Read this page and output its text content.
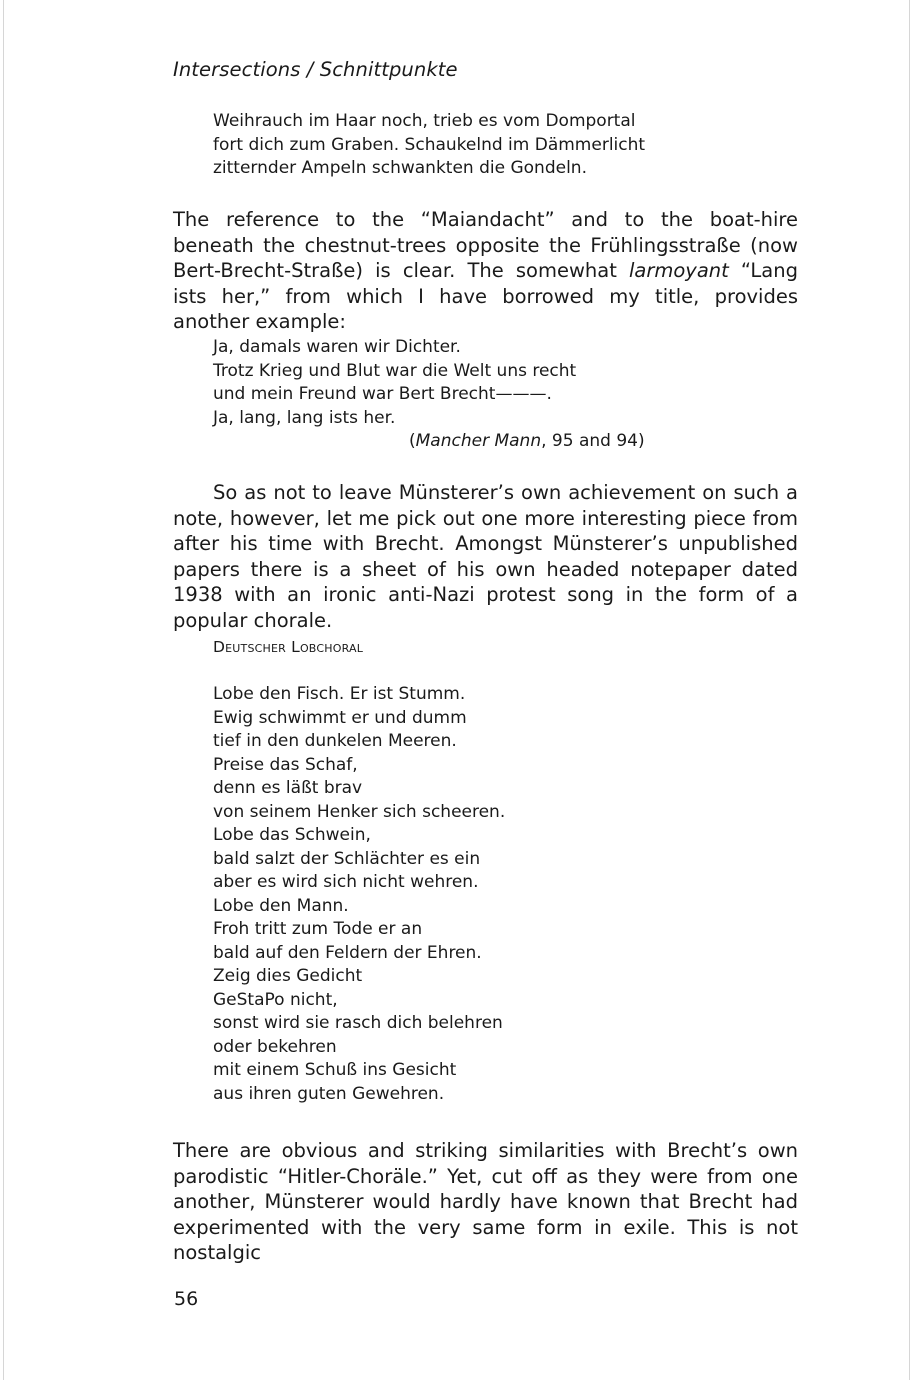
Intersections / Schnittpunkte
Weihrauch im Haar noch, trieb es vom Domportal
fort dich zum Graben. Schaukelnd im Dämmerlicht
zitternder Ampeln schwankten die Gondeln.

The reference to the “Maiandacht” and to the boat-hire beneath the chestnut-trees opposite the Frühlingsstraße (now Bert-Brecht-Straße) is clear. The somewhat larmoyant “Lang ists her,” from which I have borrowed my title, provides another example:

Ja, damals waren wir Dichter.
Trotz Krieg und Blut war die Welt uns recht
und mein Freund war Bert Brecht———.
Ja, lang, lang ists her.
(Mancher Mann, 95 and 94)

So as not to leave Münsterer’s own achievement on such a note, however, let me pick out one more interesting piece from after his time with Brecht. Amongst Münsterer’s unpublished papers there is a sheet of his own headed notepaper dated 1938 with an ironic anti-Nazi protest song in the form of a popular chorale.

Deutscher Lobchoral
Lobe den Fisch. Er ist Stumm.
Ewig schwimmt er und dumm
tief in den dunkelen Meeren.
Preise das Schaf,
denn es läßt brav
von seinem Henker sich scheeren.
Lobe das Schwein,
bald salzt der Schlächter es ein
aber es wird sich nicht wehren.
Lobe den Mann.
Froh tritt zum Tode er an
bald auf den Feldern der Ehren.
Zeig dies Gedicht
GeStaPo nicht,
sonst wird sie rasch dich belehren
oder bekehren
mit einem Schuß ins Gesicht
aus ihren guten Gewehren.

There are obvious and striking similarities with Brecht’s own parodistic “Hitler-Choräle.” Yet, cut off as they were from one another, Münsterer would hardly have known that Brecht had experimented with the very same form in exile. This is not nostalgic

56
